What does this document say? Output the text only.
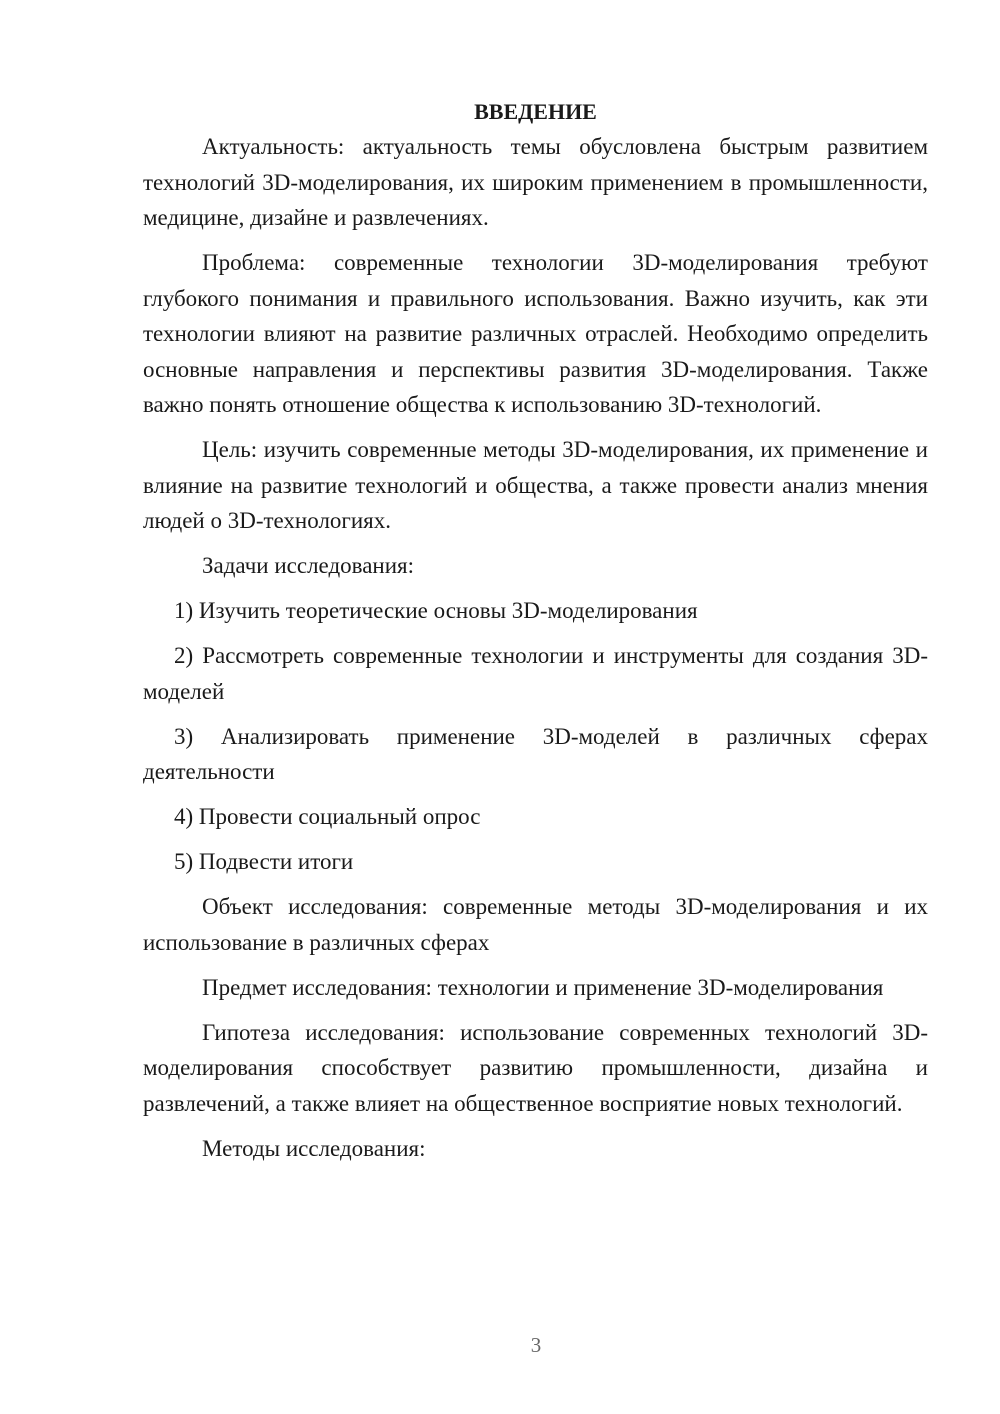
ВВЕДЕНИЕ

Актуальность: актуальность темы обусловлена быстрым развитием технологий 3D-моделирования, их широким применением в промышленности, медицине, дизайне и развлечениях.

Проблема: современные технологии 3D-моделирования требуют глубокого понимания и правильного использования. Важно изучить, как эти технологии влияют на развитие различных отраслей. Необходимо определить основные направления и перспективы развития 3D-моделирования. Также важно понять отношение общества к использованию 3D-технологий.

Цель: изучить современные методы 3D-моделирования, их применение и влияние на развитие технологий и общества, а также провести анализ мнения людей о 3D-технологиях.

Задачи исследования:

1) Изучить теоретические основы 3D-моделирования

2) Рассмотреть современные технологии и инструменты для создания 3D-моделей

3) Анализировать применение 3D-моделей в различных сферах деятельности

4) Провести социальный опрос

5) Подвести итоги

Объект исследования: современные методы 3D-моделирования и их использование в различных сферах

Предмет исследования: технологии и применение 3D-моделирования

Гипотеза исследования: использование современных технологий 3D-моделирования способствует развитию промышленности, дизайна и развлечений, а также влияет на общественное восприятие новых технологий.

Методы исследования:

3
